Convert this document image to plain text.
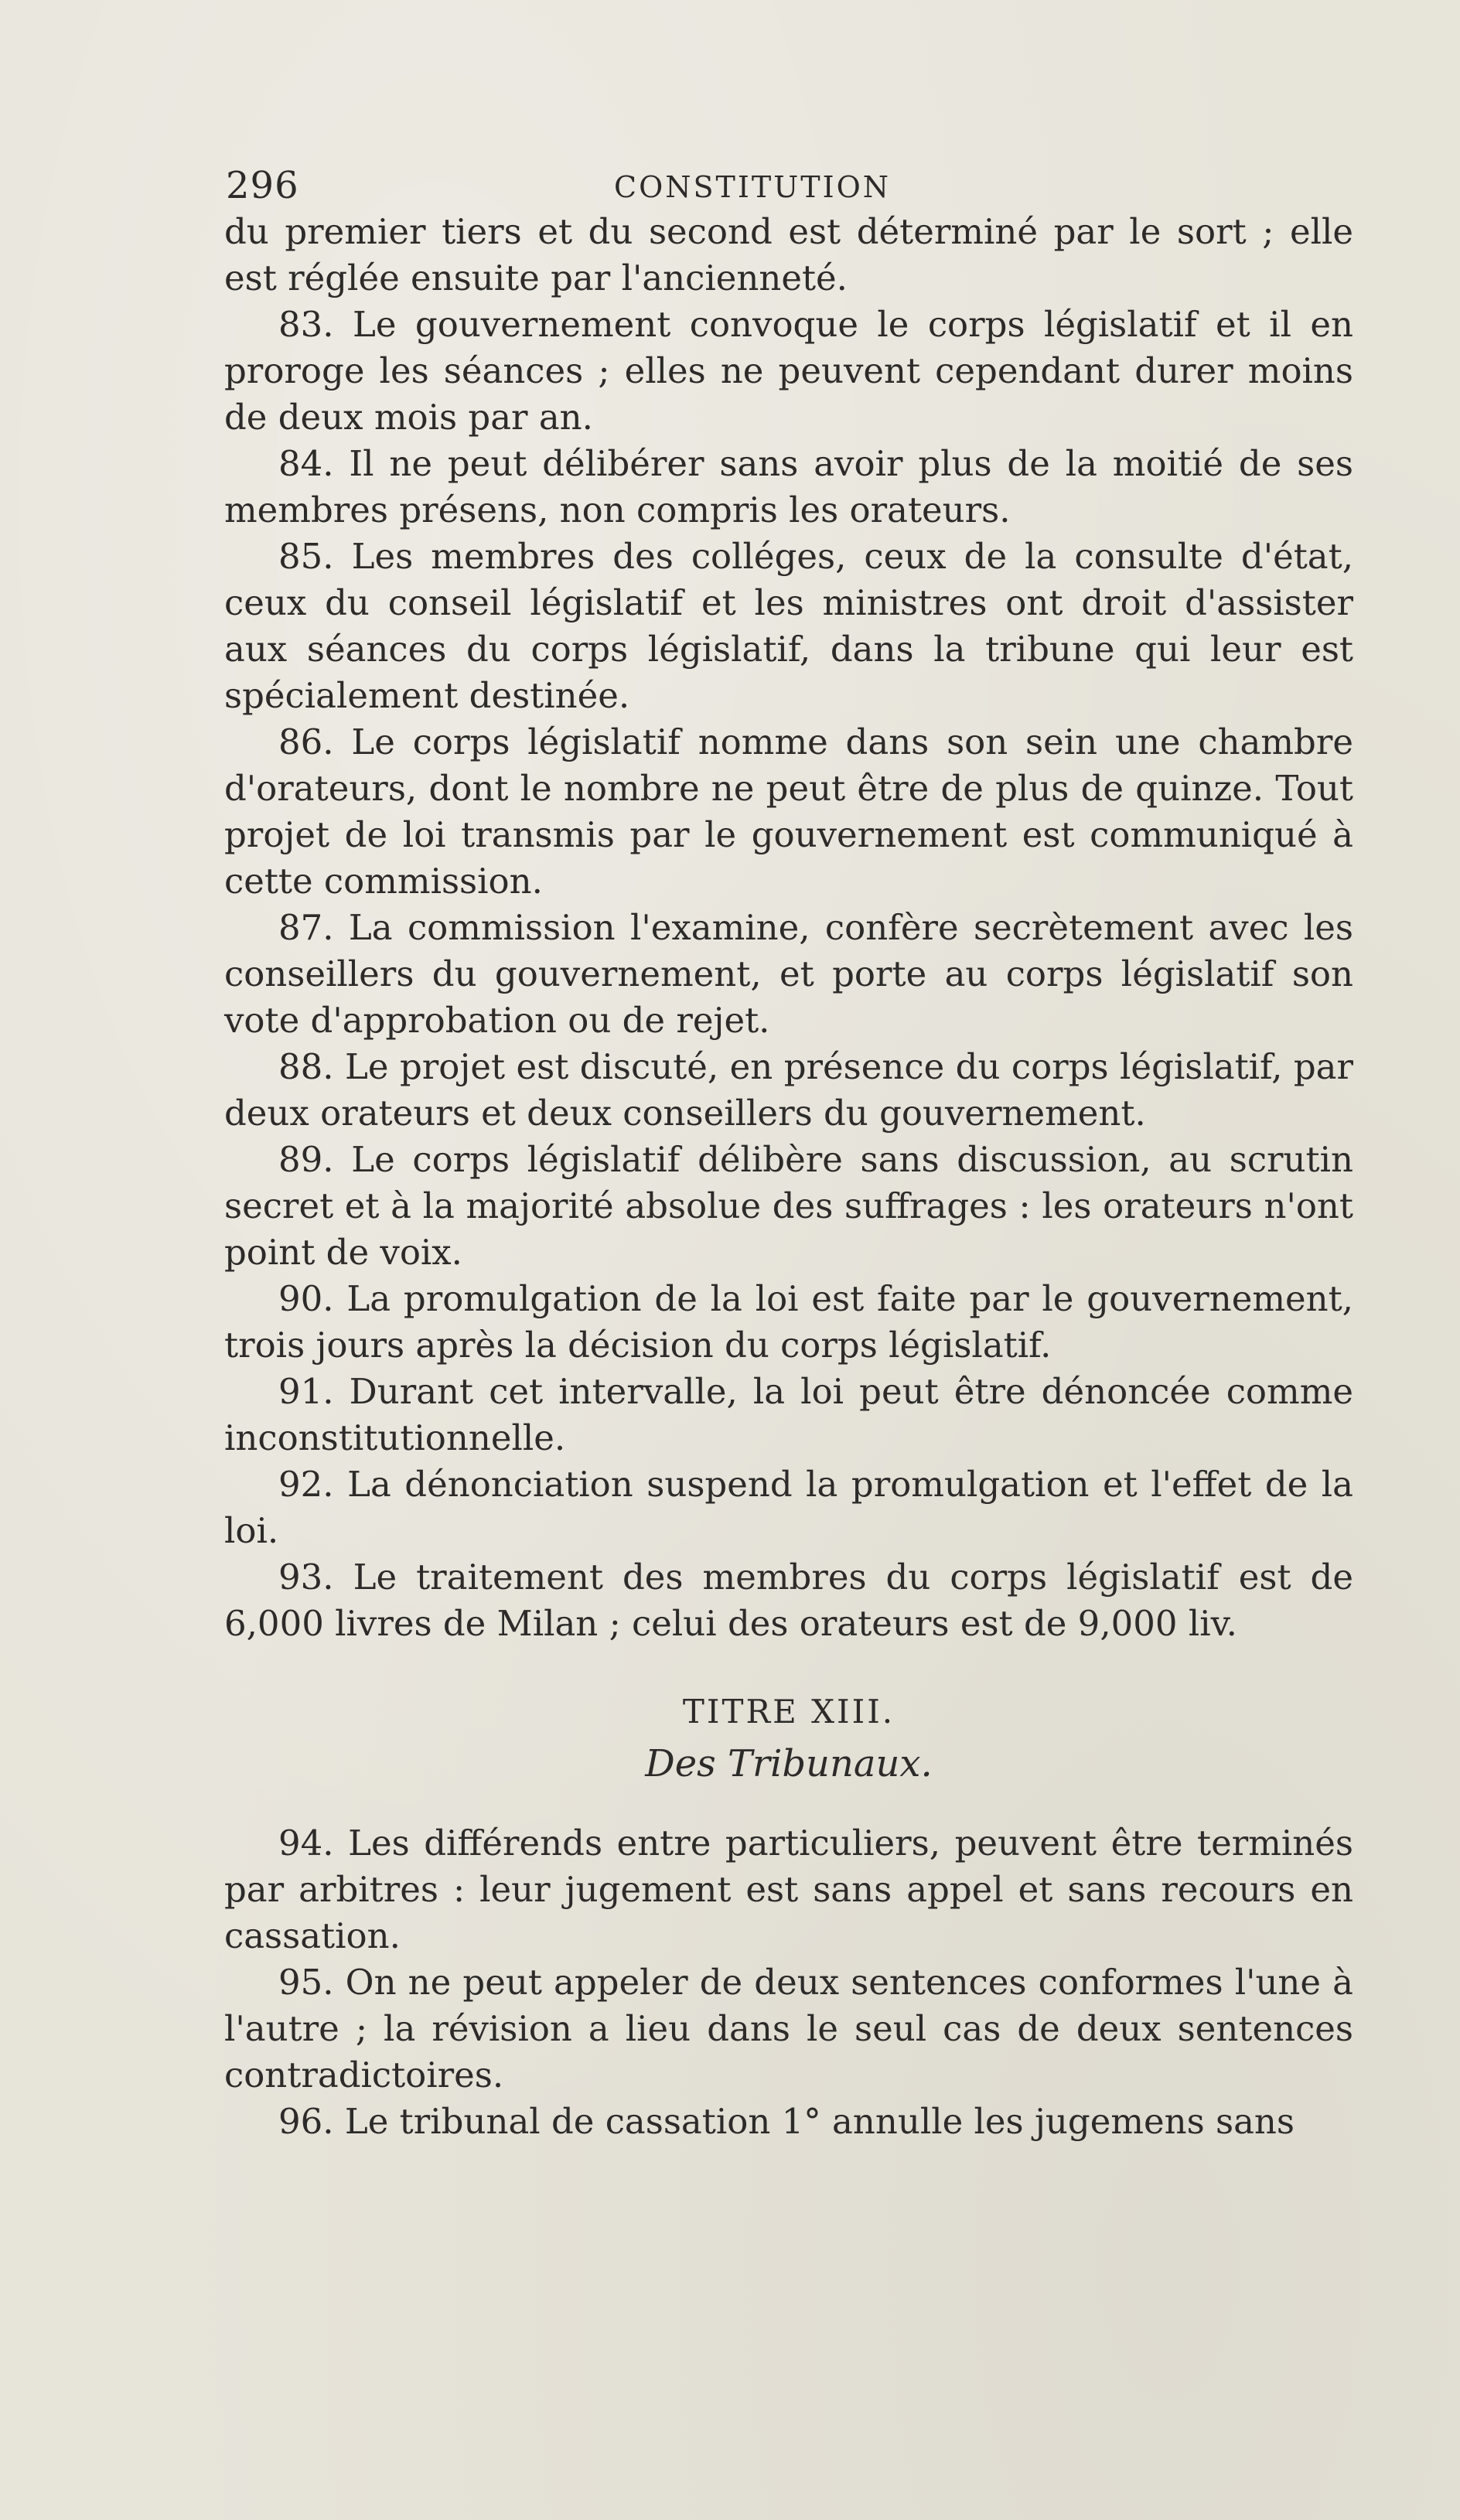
296	CONSTITUTION

du premier tiers et du second est déterminé par le sort ; elle est réglée ensuite par l'ancienneté.

83. Le gouvernement convoque le corps législatif et il en proroge les séances ; elles ne peuvent cependant durer moins de deux mois par an.

84. Il ne peut délibérer sans avoir plus de la moitié de ses membres présens, non compris les orateurs.

85. Les membres des colléges, ceux de la consulte d'état, ceux du conseil législatif et les ministres ont droit d'assister aux séances du corps législatif, dans la tribune qui leur est spécialement destinée.

86. Le corps législatif nomme dans son sein une chambre d'orateurs, dont le nombre ne peut être de plus de quinze. Tout projet de loi transmis par le gouvernement est communiqué à cette commission.

87. La commission l'examine, confère secrètement avec les conseillers du gouvernement, et porte au corps législatif son vote d'approbation ou de rejet.

88. Le projet est discuté, en présence du corps législatif, par deux orateurs et deux conseillers du gouvernement.

89. Le corps législatif délibère sans discussion, au scrutin secret et à la majorité absolue des suffrages : les orateurs n'ont point de voix.

90. La promulgation de la loi est faite par le gouvernement, trois jours après la décision du corps législatif.

91. Durant cet intervalle, la loi peut être dénoncée comme inconstitutionnelle.

92. La dénonciation suspend la promulgation et l'effet de la loi.

93. Le traitement des membres du corps législatif est de 6,000 livres de Milan ; celui des orateurs est de 9,000 liv.

TITRE XIII.

Des Tribunaux.

94. Les différends entre particuliers, peuvent être terminés par arbitres : leur jugement est sans appel et sans recours en cassation.

95. On ne peut appeler de deux sentences conformes l'une à l'autre ; la révision a lieu dans le seul cas de deux sentences contradictoires.

96. Le tribunal de cassation 1° annulle les jugemens sans
